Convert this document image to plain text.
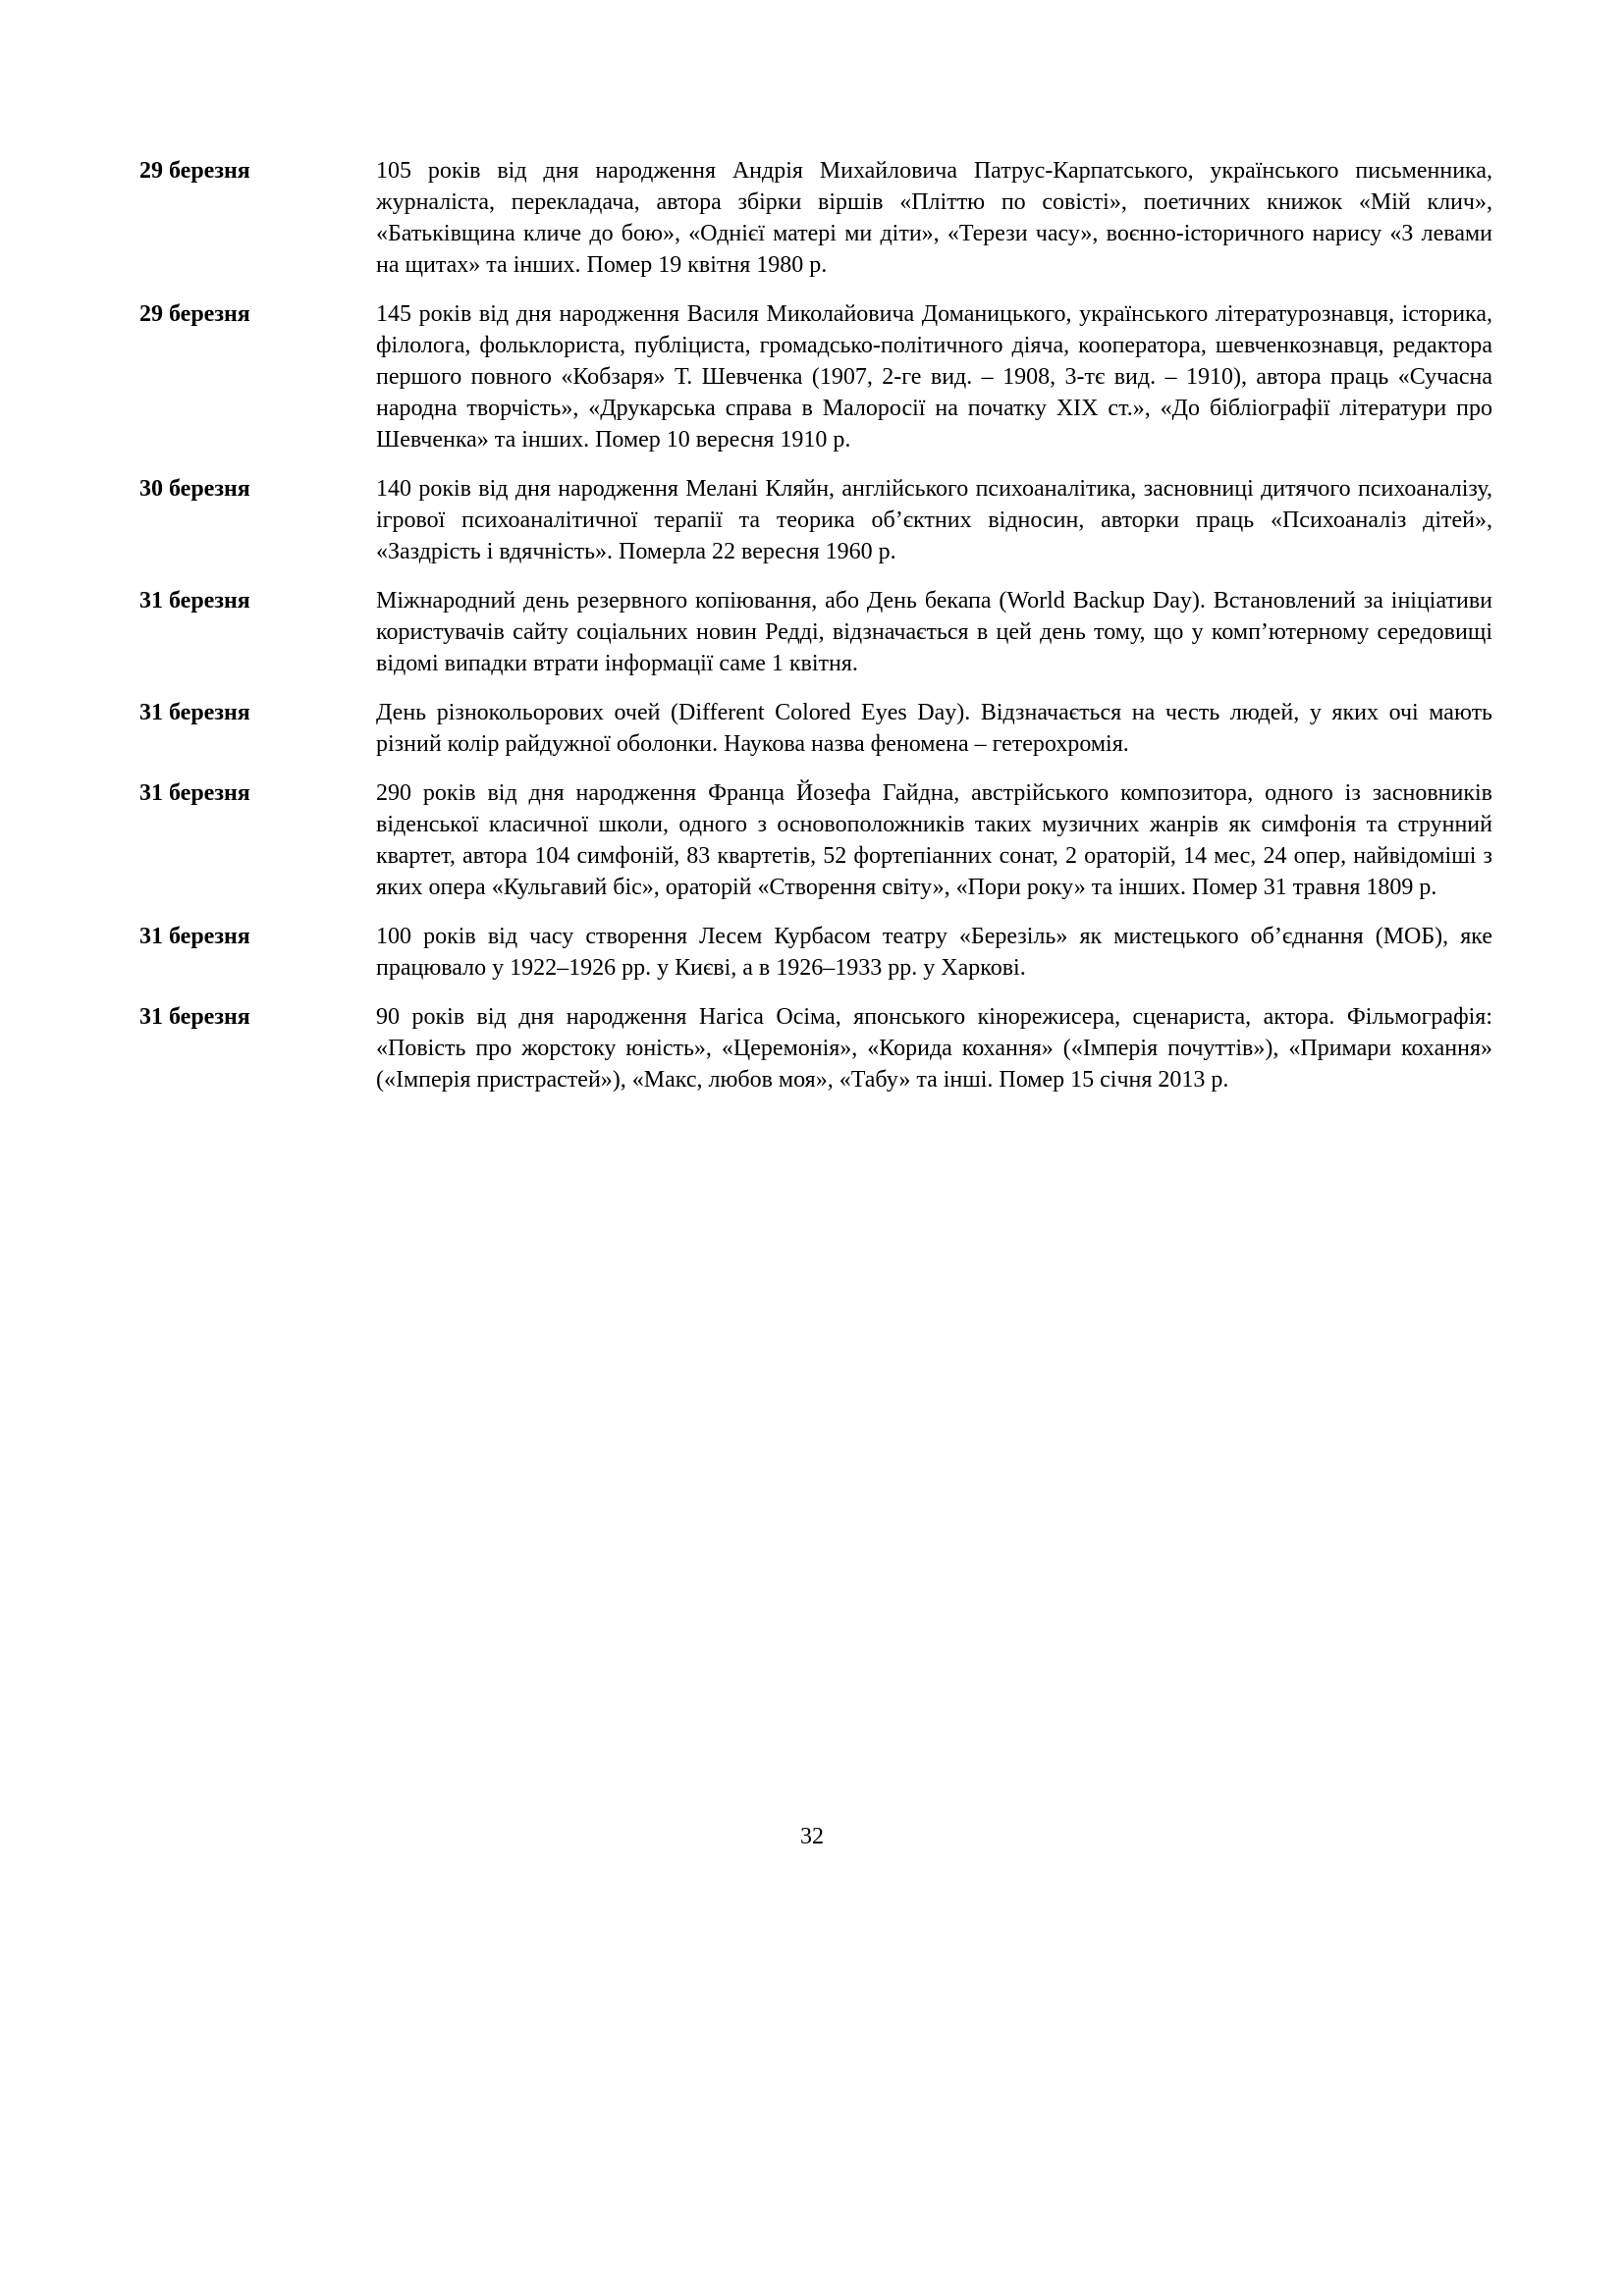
29 березня	105 років від дня народження Андрія Михайловича Патрус-Карпатського, українського письменника, журналіста, перекладача, автора збірки віршів «Пліттю по совісті», поетичних книжок «Мій клич», «Батьківщина кличе до бою», «Однієї матері ми діти», «Терези часу», воєнно-історичного нарису «З левами на щитах» та інших. Помер 19 квітня 1980 р.
29 березня	145 років від дня народження Василя Миколайовича Доманицького, українського літературознавця, історика, філолога, фольклориста, публіциста, громадсько-політичного діяча, кооператора, шевченкознавця, редактора першого повного «Кобзаря» Т. Шевченка (1907, 2-ге вид. – 1908, 3-тє вид. – 1910), автора праць «Сучасна народна творчість», «Друкарська справа в Малоросії на початку XIX ст.», «До бібліографії літератури про Шевченка» та інших. Помер 10 вересня 1910 р.
30 березня	140 років від дня народження Мелані Кляйн, англійського психоаналітика, засновниці дитячого психоаналізу, ігрової психоаналітичної терапії та теорика об’єктних відносин, авторки праць «Психоаналіз дітей», «Заздрість і вдячність». Померла 22 вересня 1960 р.
31 березня	Міжнародний день резервного копіювання, або День бекапа (World Backup Day). Встановлений за ініціативи користувачів сайту соціальних новин Редді, відзначається в цей день тому, що у комп’ютерному середовищі відомі випадки втрати інформації саме 1 квітня.
31 березня	День різнокольорових очей (Different Colored Eyes Day). Відзначається на честь людей, у яких очі мають різний колір райдужної оболонки. Наукова назва феномена – гетерохромія.
31 березня	290 років від дня народження Франца Йозефа Гайдна, австрійського композитора, одного із засновників віденської класичної школи, одного з основоположників таких музичних жанрів як симфонія та струнний квартет, автора 104 симфоній, 83 квартетів, 52 фортепіанних сонат, 2 ораторій, 14 мес, 24 опер, найвідоміші з яких опера «Кульгавий біс», ораторій «Створення світу», «Пори року» та інших. Помер 31 травня 1809 р.
31 березня	100 років від часу створення Лесем Курбасом театру «Березіль» як мистецького об’єднання (МОБ), яке працювало у 1922–1926 рр. у Києві, а в 1926–1933 рр. у Харкові.
31 березня	90 років від дня народження Нагіса Осіма, японського кінорежисера, сценариста, актора. Фільмографія: «Повість про жорстоку юність», «Церемонія», «Корида кохання» («Імперія почуттів»), «Примари кохання» («Імперія пристрастей»), «Макс, любов моя», «Табу» та інші. Помер 15 січня 2013 р.
32
